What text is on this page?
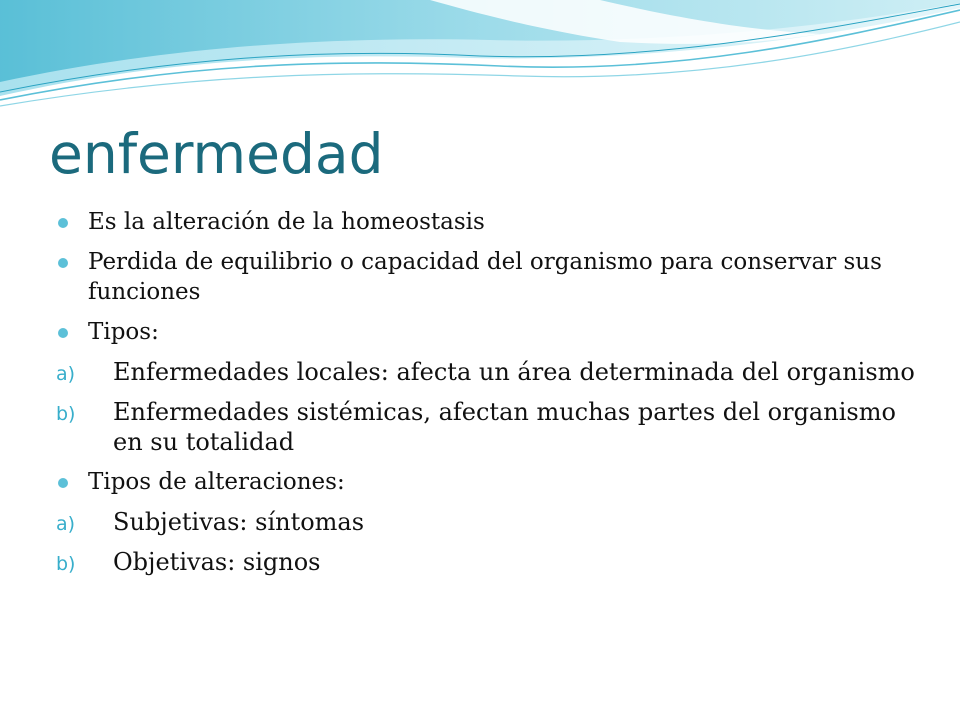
enfermedad
Es la alteración de la homeostasis
Perdida de equilibrio o capacidad del organismo para conservar sus funciones
Tipos:
a) Enfermedades locales: afecta un área determinada del organismo
b) Enfermedades sistémicas, afectan muchas partes del organismo en su totalidad
Tipos de alteraciones:
a) Subjetivas: síntomas
b) Objetivas: signos
